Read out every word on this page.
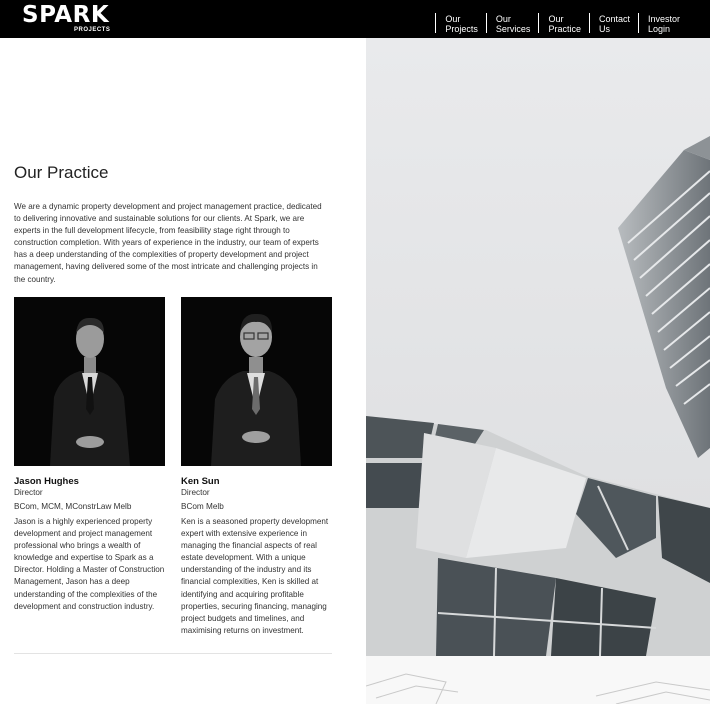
SPARK
PROJECTS
Our
Projects
Our
Services
Our
Practice
Contact
Us
Investor
Login
Our Practice

We are a dynamic property development and project management practice, dedicated to delivering innovative and sustainable solutions for our clients. At Spark, we are experts in the full development lifecycle, from feasibility stage right through to construction completion. With years of experience in the industry, our team of experts has a deep understanding of the complexities of property development and project management, having delivered some of the most intricate and challenging projects in the country.

Jason Hughes
Director
BCom, MCM, MConstrLaw Melb
Jason is a highly experienced property development and project management professional who brings a wealth of knowledge and expertise to Spark as a Director. Holding a Master of Construction Management, Jason has a deep understanding of the complexities of the development and construction industry.
Ken Sun
Director
BCom Melb
Ken is a seasoned property development expert with extensive experience in managing the financial aspects of real estate development. With a unique understanding of the industry and its financial complexities, Ken is skilled at identifying and acquiring profitable properties, securing financing, managing project budgets and timelines, and maximising returns on investment.
